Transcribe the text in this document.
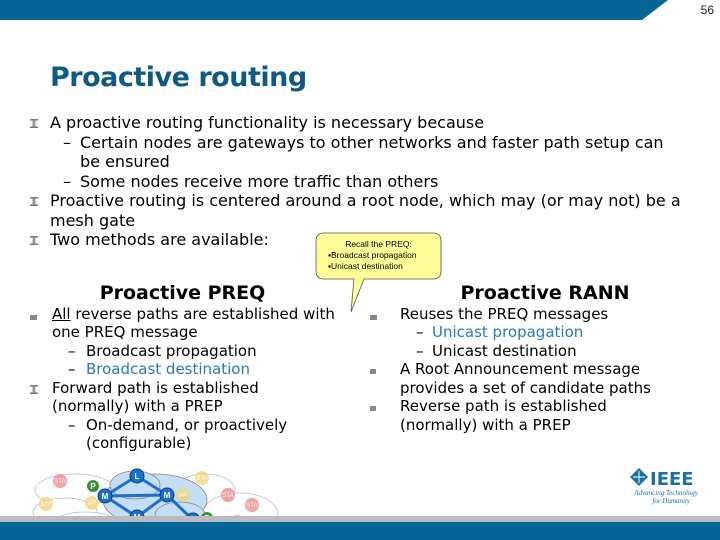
56
Proactive routing
A proactive routing functionality is necessary because
– Certain nodes are gateways to other networks and faster path setup can be ensured
– Some nodes receive more traffic than others
Proactive routing is centered around a root node, which may (or may not) be a mesh gate
Two methods are available:	Recall the PREQ:
▪Broadcast propagation
▪Unicast destination
Proactive PREQ
All reverse paths are established with one PREQ message
– Broadcast propagation
– Broadcast destination
Forward path is established (normally) with a PREP
– On-demand, or proactively (configurable)
Proactive RANN
Reuses the PREQ messages
– Unicast propagation
– Unicast destination
A Root Announcement message provides a set of candidate paths
Reverse path is established (normally) with a PREP
STA
STA	AP
STA
AP	STA
STA
L
M	M
P	IEEE
Advancing Technology
for Humanity
